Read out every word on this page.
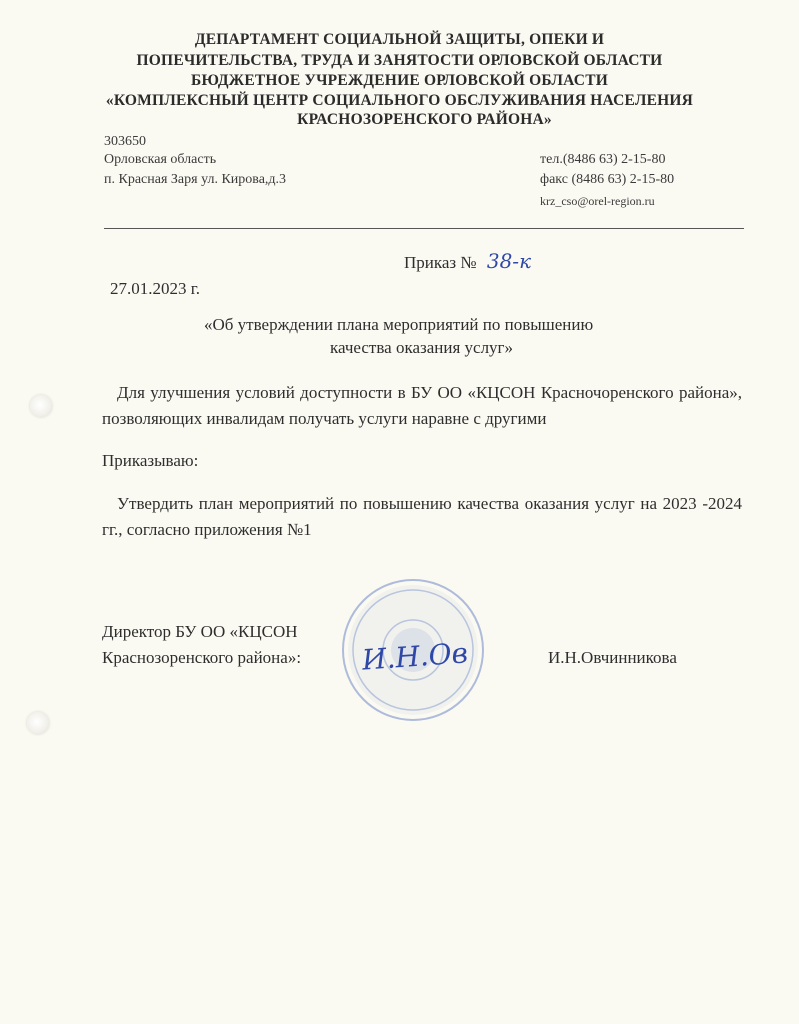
ДЕПАРТАМЕНТ СОЦИАЛЬНОЙ ЗАЩИТЫ, ОПЕКИ И
ПОПЕЧИТЕЛЬСТВА, ТРУДА И ЗАНЯТОСТИ ОРЛОВСКОЙ ОБЛАСТИ
БЮДЖЕТНОЕ УЧРЕЖДЕНИЕ ОРЛОВСКОЙ ОБЛАСТИ
«КОМПЛЕКСНЫЙ ЦЕНТР СОЦИАЛЬНОГО ОБСЛУЖИВАНИЯ НАСЕЛЕНИЯ
КРАСНОЗОРЕНСКОГО РАЙОНА»
303650
Орловская область
п. Красная Заря ул. Кирова,д.3
тел.(8486 63) 2-15-80
факс (8486 63) 2-15-80
krz_cso@orel-region.ru
Приказ № 38-к
27.01.2023 г.
«Об утверждении плана мероприятий по повышению
качества оказания услуг»
Для улучшения условий доступности в БУ ОО «КЦСОН Красночоренского района», позволяющих инвалидам получать услуги наравне с другими
Приказываю:
Утвердить план мероприятий по повышению качества оказания услуг на 2023 -2024 гг., согласно приложения №1
Директор БУ ОО «КЦСОН
Краснозоренского района»: И.Н.Ов	И.Н.Овчинникова
